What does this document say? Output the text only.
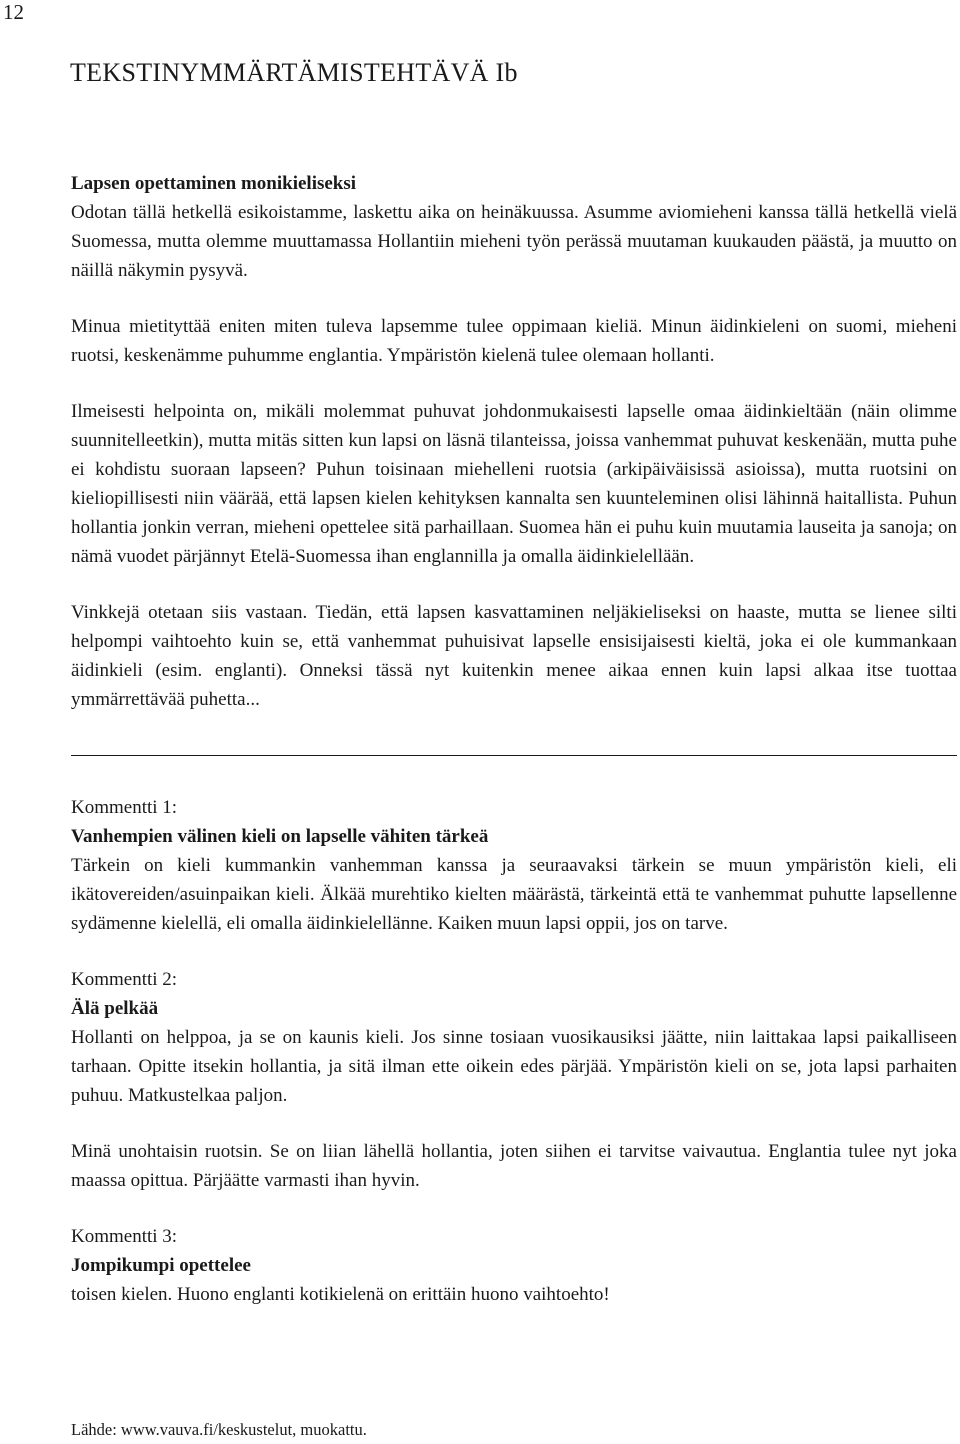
12
TEKSTINYMMÄRTÄMISTEHTÄVÄ Ib

Lapsen opettaminen monikieliseksi

Odotan tällä hetkellä esikoistamme, laskettu aika on heinäkuussa. Asumme aviomieheni kanssa tällä hetkellä vielä Suomessa, mutta olemme muuttamassa Hollantiin mieheni työn perässä muutaman kuukauden päästä, ja muutto on näillä näkymin pysyvä.

Minua mietityttää eniten miten tuleva lapsemme tulee oppimaan kieliä. Minun äidinkieleni on suomi, mieheni ruotsi, keskenämme puhumme englantia. Ympäristön kielenä tulee olemaan hollanti.

Ilmeisesti helpointa on, mikäli molemmat puhuvat johdonmukaisesti lapselle omaa äidinkieltään (näin olimme suunnitelleetkin), mutta mitäs sitten kun lapsi on läsnä tilanteissa, joissa vanhemmat puhuvat keskenään, mutta puhe ei kohdistu suoraan lapseen? Puhun toisinaan miehelleni ruotsia (arkipäiväisissä asioissa), mutta ruotsini on kieliopillisesti niin väärää, että lapsen kielen kehityksen kannalta sen kuunteleminen olisi lähinnä haitallista. Puhun hollantia jonkin verran, mieheni opettelee sitä parhaillaan. Suomea hän ei puhu kuin muutamia lauseita ja sanoja; on nämä vuodet pärjännyt Etelä-Suomessa ihan englannilla ja omalla äidinkielellään.

Vinkkejä otetaan siis vastaan. Tiedän, että lapsen kasvattaminen neljäkieliseksi on haaste, mutta se lienee silti helpompi vaihtoehto kuin se, että vanhemmat puhuisivat lapselle ensisijaisesti kieltä, joka ei ole kummankaan äidinkieli (esim. englanti). Onneksi tässä nyt kuitenkin menee aikaa ennen kuin lapsi alkaa itse tuottaa ymmärrettävää puhetta...

Kommentti 1:

Vanhempien välinen kieli on lapselle vähiten tärkeä

Tärkein on kieli kummankin vanhemman kanssa ja seuraavaksi tärkein se muun ympäristön kieli, eli ikätovereiden/asuinpaikan kieli. Älkää murehtiko kielten määrästä, tärkeintä että te vanhemmat puhutte lapsellenne sydämenne kielellä, eli omalla äidinkielellänne. Kaiken muun lapsi oppii, jos on tarve.

Kommentti 2:

Älä pelkää

Hollanti on helppoa, ja se on kaunis kieli. Jos sinne tosiaan vuosikausiksi jäätte, niin laittakaa lapsi paikalliseen tarhaan. Opitte itsekin hollantia, ja sitä ilman ette oikein edes pärjää. Ympäristön kieli on se, jota lapsi parhaiten puhuu. Matkustelkaa paljon.

Minä unohtaisin ruotsin. Se on liian lähellä hollantia, joten siihen ei tarvitse vaivautua. Englantia tulee nyt joka maassa opittua. Pärjäätte varmasti ihan hyvin.

Kommentti 3:

Jompikumpi opettelee

toisen kielen. Huono englanti kotikielenä on erittäin huono vaihtoehto!

Lähde: www.vauva.fi/keskustelut, muokattu.
